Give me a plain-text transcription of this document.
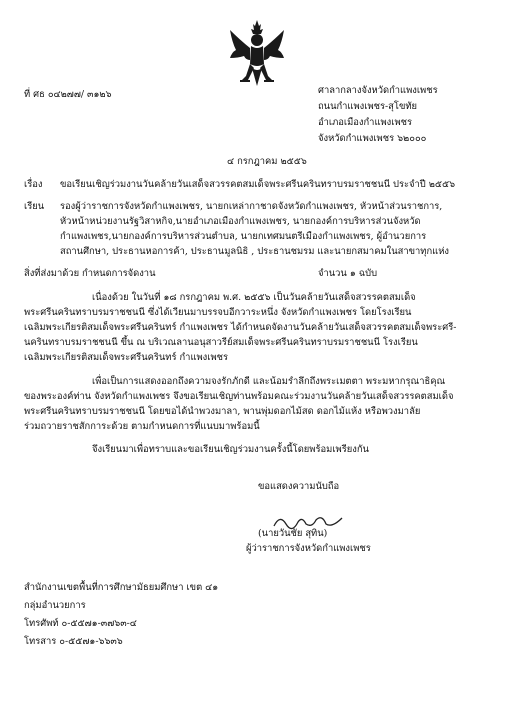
ที่ ศธ ๐๔๒๗๗/ ๓๑๒๖	ศาลากลางจังหวัดกำแพงเพชร
ถนนกำแพงเพชร-สุโขทัย
อำเภอเมืองกำแพงเพชร
จังหวัดกำแพงเพชร ๖๒๐๐๐
๔ กรกฎาคม ๒๕๕๖
เรื่อง ขอเรียนเชิญร่วมงานวันคล้ายวันเสด็จสวรรคตสมเด็จพระศรีนครินทราบรมราชชนนี ประจำปี ๒๕๕๖
เรียน รองผู้ว่าราชการจังหวัดกำแพงเพชร, นายกเหล่ากาชาดจังหวัดกำแพงเพชร, หัวหน้าส่วนราชการ,
หัวหน้าหน่วยงานรัฐวิสาหกิจ,นายอำเภอเมืองกำแพงเพชร, นายกองค์การบริหารส่วนจังหวัด
กำแพงเพชร,นายกองค์การบริหารส่วนตำบล, นายกเทศมนตรีเมืองกำแพงเพชร, ผู้อำนวยการ
สถานศึกษา, ประธานหอการค้า, ประธานมูลนิธิ , ประธานชมรม และนายกสมาคมในสาขาทุกแห่ง
สิ่งที่ส่งมาด้วย กำหนดการจัดงาน	จำนวน ๑ ฉบับ
เนื่องด้วย ในวันที่ ๑๘ กรกฎาคม พ.ศ. ๒๕๕๖ เป็นวันคล้ายวันเสด็จสวรรคตสมเด็จ
พระศรีนครินทราบรมราชชนนี ซึ่งได้เวียนมาบรรจบอีกวาระหนึ่ง จังหวัดกำแพงเพชร โดยโรงเรียน
เฉลิมพระเกียรติสมเด็จพระศรีนครินทร์ กำแพงเพชร ได้กำหนดจัดงานวันคล้ายวันเสด็จสวรรคตสมเด็จพระศรี-
นครินทราบรมราชชนนี ขึ้น ณ บริเวณลานอนุสาวรีย์สมเด็จพระศรีนครินทราบรมราชชนนี โรงเรียน
เฉลิมพระเกียรติสมเด็จพระศรีนครินทร์ กำแพงเพชร
เพื่อเป็นการแสดงออกถึงความจงรักภักดี และน้อมรำลึกถึงพระเมตตา พระมหากรุณาธิคุณ
ของพระองค์ท่าน จังหวัดกำแพงเพชร จึงขอเรียนเชิญท่านพร้อมคณะร่วมงานวันคล้ายวันเสด็จสวรรคตสมเด็จ
พระศรีนครินทราบรมราชชนนี โดยขอได้นำพวงมาลา, พานพุ่มดอกไม้สด ดอกไม้แห้ง หรือพวงมาลัย
ร่วมถวายราชสักการะด้วย ตามกำหนดการที่แนบมาพร้อมนี้
จึงเรียนมาเพื่อทราบและขอเรียนเชิญร่วมงานครั้งนี้โดยพร้อมเพรียงกัน
ขอแสดงความนับถือ
(นายวันชัย สุทิน)
ผู้ว่าราชการจังหวัดกำแพงเพชร
สำนักงานเขตพื้นที่การศึกษามัธยมศึกษา เขต ๔๑
กลุ่มอำนวยการ
โทรศัพท์ ๐-๕๕๗๑-๓๗๖๓-๔
โทรสาร ๐-๕๕๗๑-๖๖๓๖
